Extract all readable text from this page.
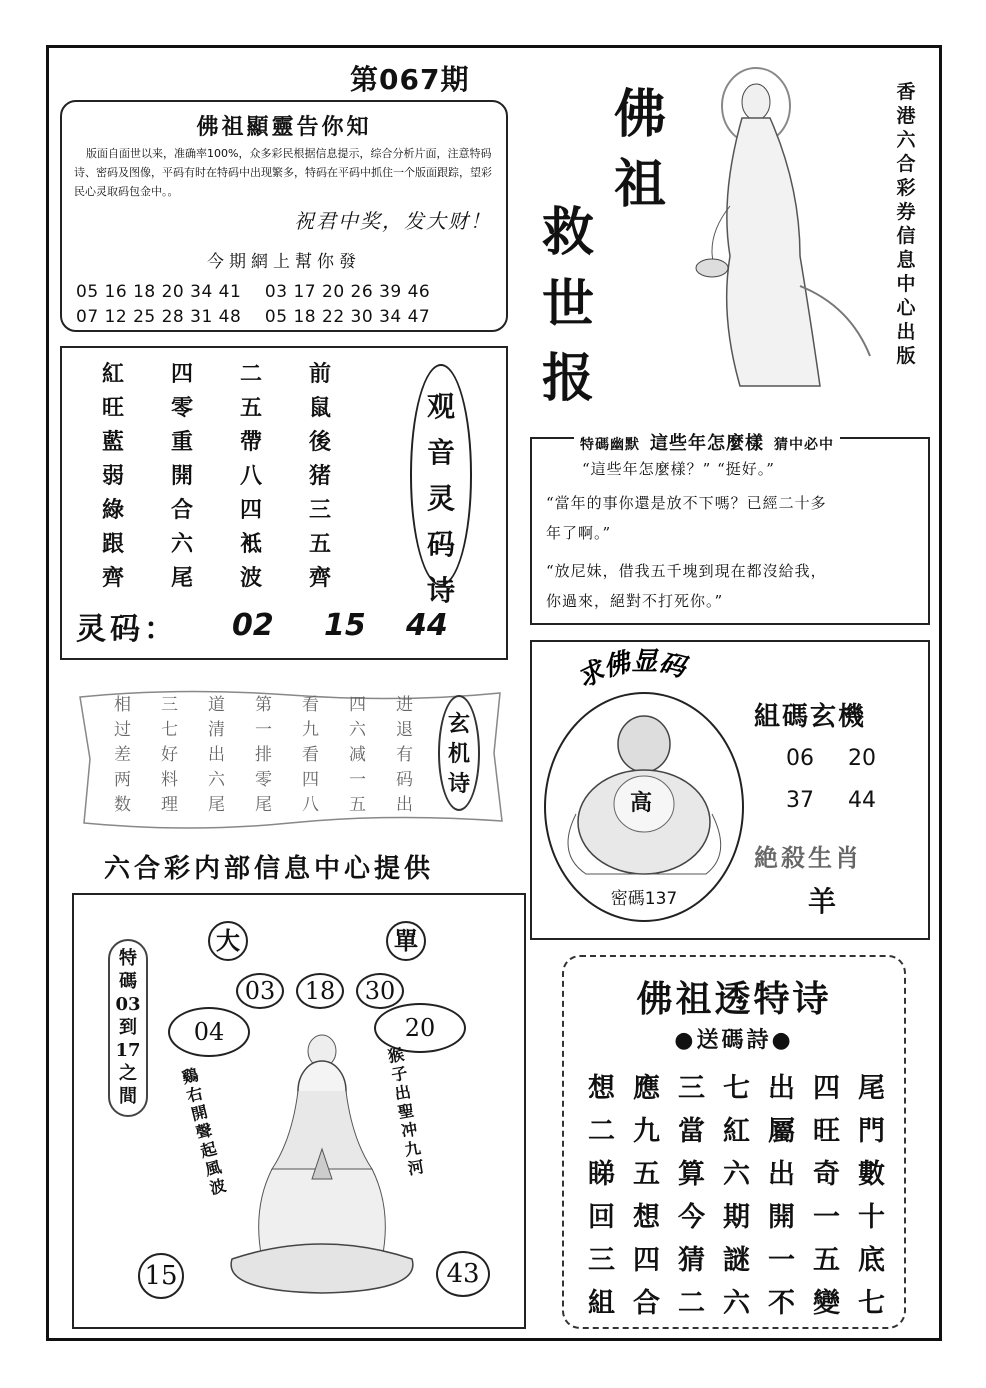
第067期
佛祖顯靈告你知
版面自面世以来，准确率100%，众多彩民根据信息提示，综合分析片面，注意特码诗、密码及图像，平码有时在特码中出现繁多，特码在平码中抓住一个版面跟踪，望彩民心灵取码包金中。。
祝君中奖，发大财！
今期網上幫你發
05 16 18 20 34 41    03 17 20 26 39 46
07 12 25 28 31 48    05 18 22 30 34 47
紅	四	二	前
旺	零	五	鼠
藍	重	帶	後
弱	開	八	猪
綠	合	四	三
跟	六	袛	五
齊	尾	波	齊
观
音
灵
码
诗
灵码： 02 15 44
相	三	道	第	看	四	进
过	七	清	一	九	六	退
差	好	出	排	看	减	有
两	料	六	零	四	一	码
数	理	尾	尾	八	五	出
玄
机
诗
六合彩内部信息中心提供
大	單
03	18	30
04	20
特
碼
03
到
17
之
間
鷄
右
開
聲
起
風
波
猴
子
出
聖
冲
九
河
15	43
佛
祖
救
世
报
香
港
六
合
彩
券
信
息
中
心
出
版
特碼幽默 這些年怎麼樣 猜中必中

“這些年怎麼樣？” “挺好。”

“當年的事你還是放不下嗎？已經二十多

年了啊。”

“放尼妹，借我五千塊到現在都沒給我，

你過來，絕對不打死你。”

求佛显码
高
密碼137
組碼玄機
06 20
37 44
絶殺生肖
羊
佛祖透特诗
●送碼詩●
想 應 三 七 出 四 尾
二 九 當 紅 屬 旺 門
睇 五 算 六 出 奇 數
回 想 今 期 開 一 十
三 四 猜 謎 一 五 底
組 合 二 六 不 變 七
